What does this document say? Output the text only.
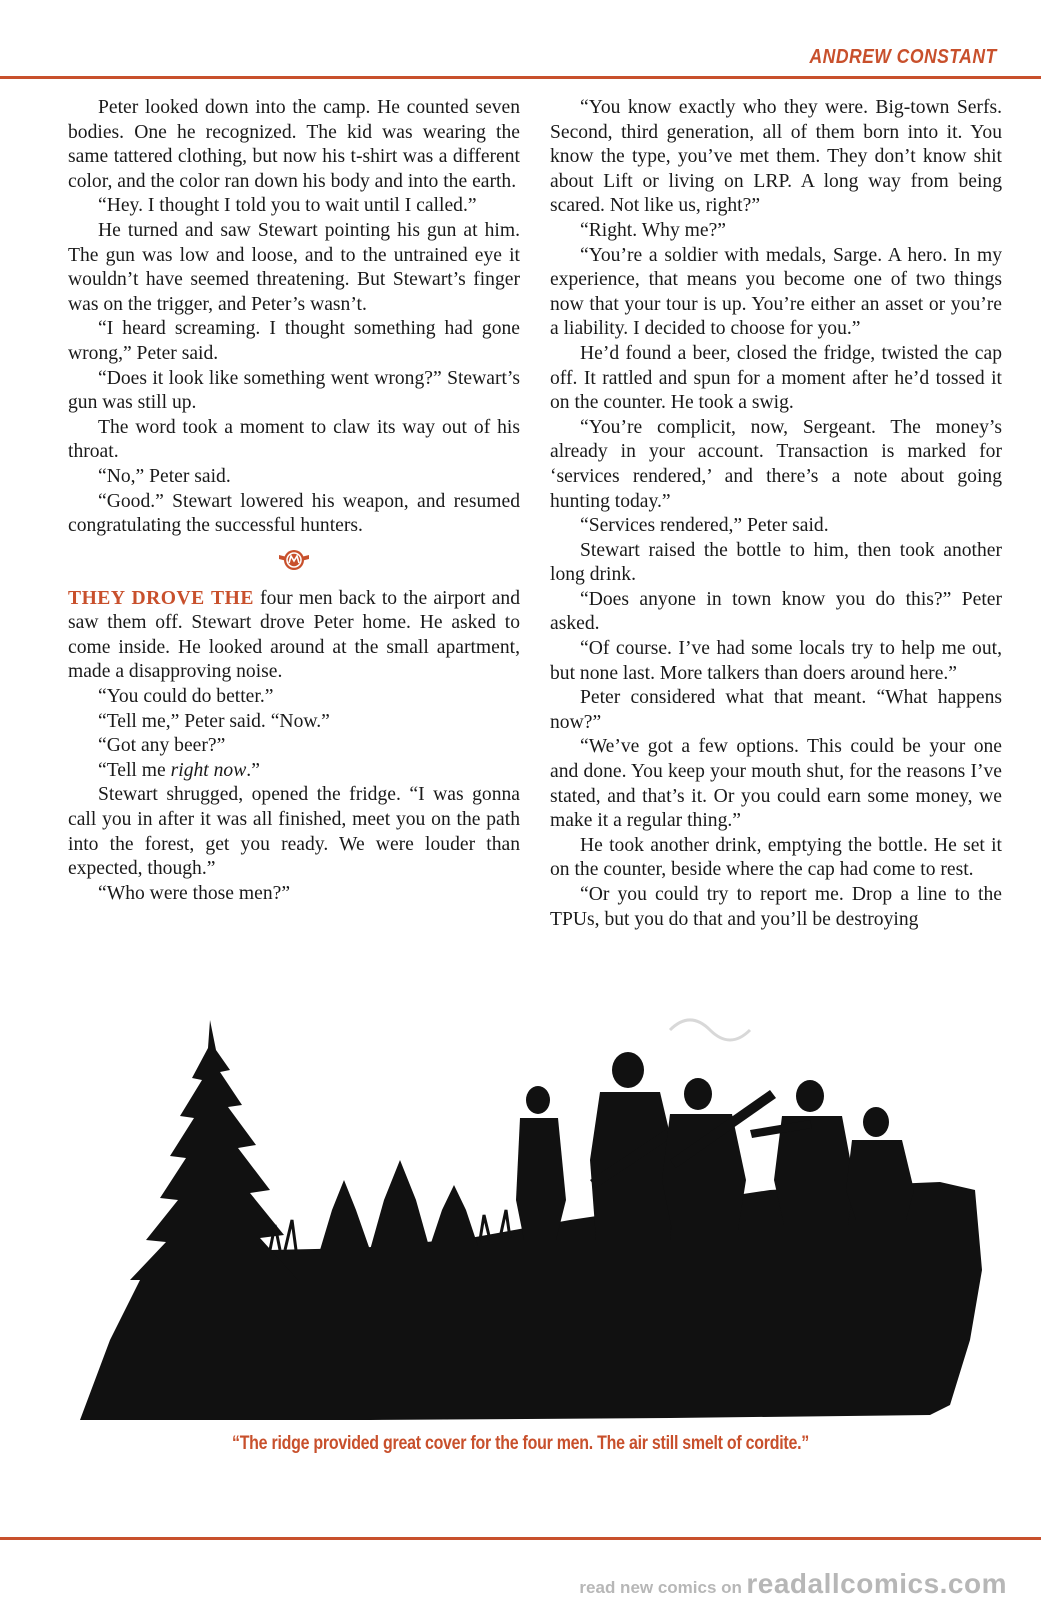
ANDREW CONSTANT

Peter looked down into the camp. He counted seven bodies. One he recognized. The kid was wearing the same tattered clothing, but now his t-shirt was a different color, and the color ran down his body and into the earth.

“Hey. I thought I told you to wait until I called.”

He turned and saw Stewart pointing his gun at him. The gun was low and loose, and to the untrained eye it wouldn’t have seemed threatening. But Stewart’s finger was on the trigger, and Peter’s wasn’t.

“I heard screaming. I thought something had gone wrong,” Peter said.

“Does it look like something went wrong?” Stewart’s gun was still up.

The word took a moment to claw its way out of his throat.

“No,” Peter said.

“Good.” Stewart lowered his weapon, and resumed congratulating the successful hunters.

THEY DROVE THE four men back to the airport and saw them off. Stewart drove Peter home. He asked to come inside. He looked around at the small apartment, made a disapproving noise.

“You could do better.”

“Tell me,” Peter said. “Now.”

“Got any beer?”

“Tell me right now.”

Stewart shrugged, opened the fridge. “I was gonna call you in after it was all finished, meet you on the path into the forest, get you ready. We were louder than expected, though.”

“Who were those men?”

“You know exactly who they were. Big-town Serfs. Second, third generation, all of them born into it. You know the type, you’ve met them. They don’t know shit about Lift or living on LRP. A long way from being scared. Not like us, right?”

“Right. Why me?”

“You’re a soldier with medals, Sarge. A hero. In my experience, that means you become one of two things now that your tour is up. You’re either an asset or you’re a liability. I decided to choose for you.”

He’d found a beer, closed the fridge, twisted the cap off. It rattled and spun for a moment after he’d tossed it on the counter. He took a swig.

“You’re complicit, now, Sergeant. The money’s already in your account. Transaction is marked for ‘services rendered,’ and there’s a note about going hunting today.”

“Services rendered,” Peter said.

Stewart raised the bottle to him, then took another long drink.

“Does anyone in town know you do this?” Peter asked.

“Of course. I’ve had some locals try to help me out, but none last. More talkers than doers around here.”

Peter considered what that meant. “What happens now?”

“We’ve got a few options. This could be your one and done. You keep your mouth shut, for the reasons I’ve stated, and that’s it. Or you could earn some money, we make it a regular thing.”

He took another drink, emptying the bottle. He set it on the counter, beside where the cap had come to rest.

“Or you could try to report me. Drop a line to the TPUs, but you do that and you’ll be destroying

“The ridge provided great cover for the four men. The air still smelt of cordite.”
read new comics on readallcomics.com
